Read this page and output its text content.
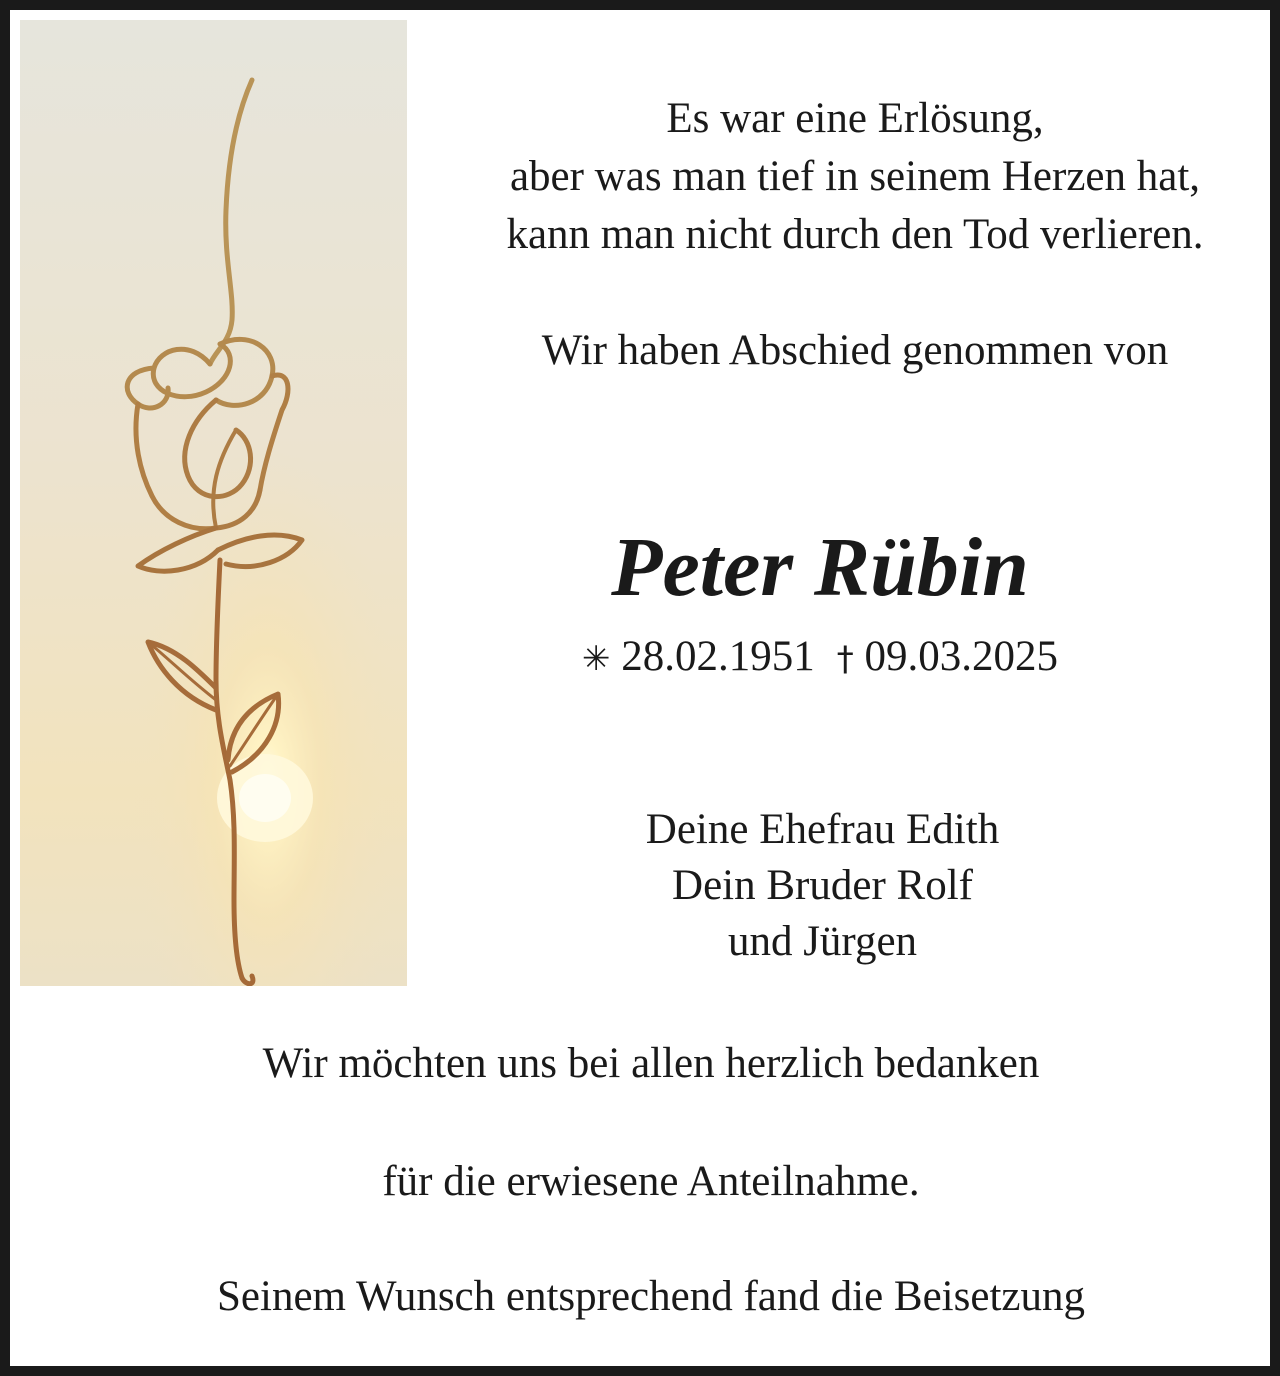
Es war eine Erlösung,
aber was man tief in seinem Herzen hat,
kann man nicht durch den Tod verlieren.
Wir haben Abschied genommen von
Peter Rübin
✳ 28.02.1951 † 09.03.2025
Deine Ehefrau Edith
Dein Bruder Rolf
und Jürgen
Wir möchten uns bei allen herzlich bedanken
für die erwiesene Anteilnahme.
Seinem Wunsch entsprechend fand die Beisetzung
